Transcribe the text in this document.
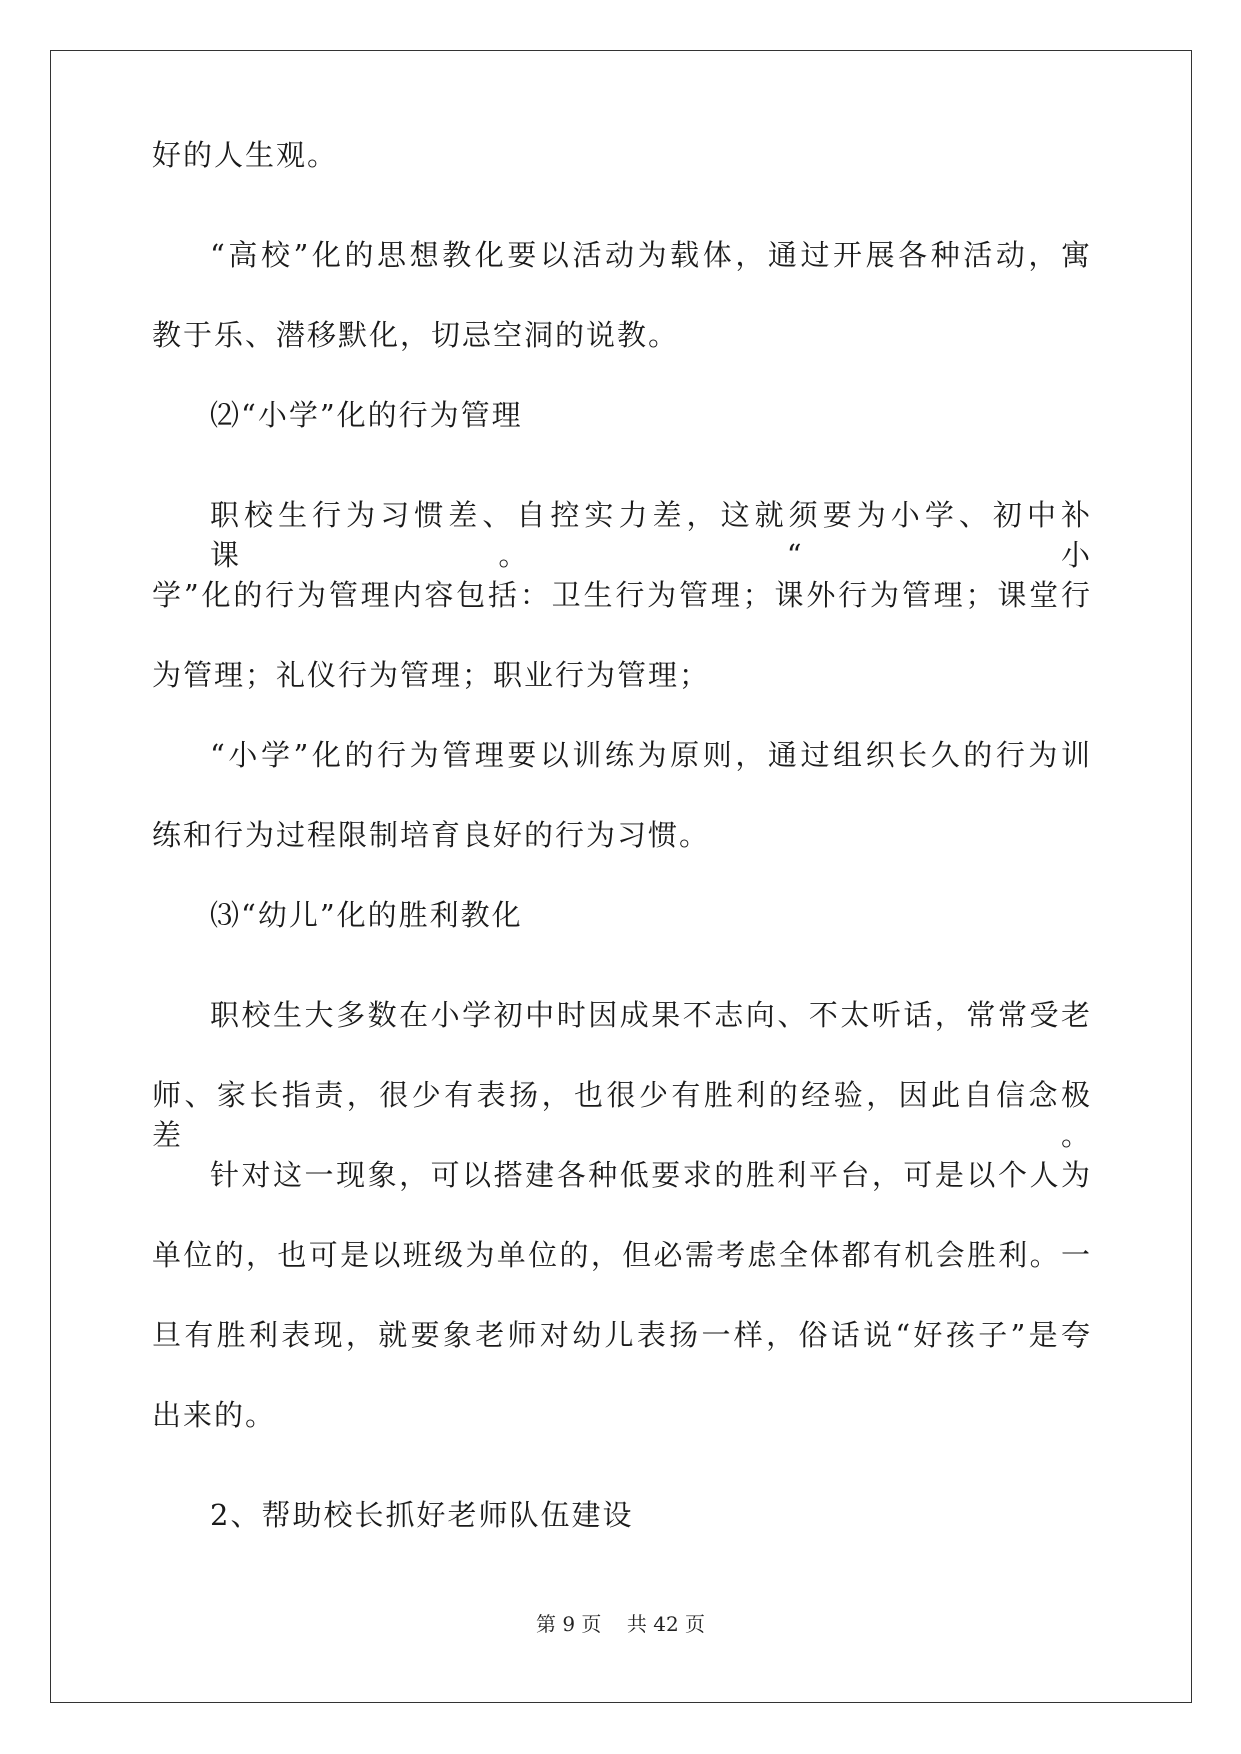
好的人生观。
“高校”化的思想教化要以活动为载体，通过开展各种活动，寓
教于乐、潜移默化，切忌空洞的说教。
⑵“小学”化的行为管理
职校生行为习惯差、自控实力差，这就须要为小学、初中补课。“小
学”化的行为管理内容包括：卫生行为管理；课外行为管理；课堂行
为管理；礼仪行为管理；职业行为管理；
“小学”化的行为管理要以训练为原则，通过组织长久的行为训
练和行为过程限制培育良好的行为习惯。
⑶“幼儿”化的胜利教化
职校生大多数在小学初中时因成果不志向、不太听话，常常受老
师、家长指责，很少有表扬，也很少有胜利的经验，因此自信念极差。
针对这一现象，可以搭建各种低要求的胜利平台，可是以个人为
单位的，也可是以班级为单位的，但必需考虑全体都有机会胜利。一
旦有胜利表现，就要象老师对幼儿表扬一样，俗话说“好孩子”是夸
出来的。
2、帮助校长抓好老师队伍建设
第 9 页 共 42 页
